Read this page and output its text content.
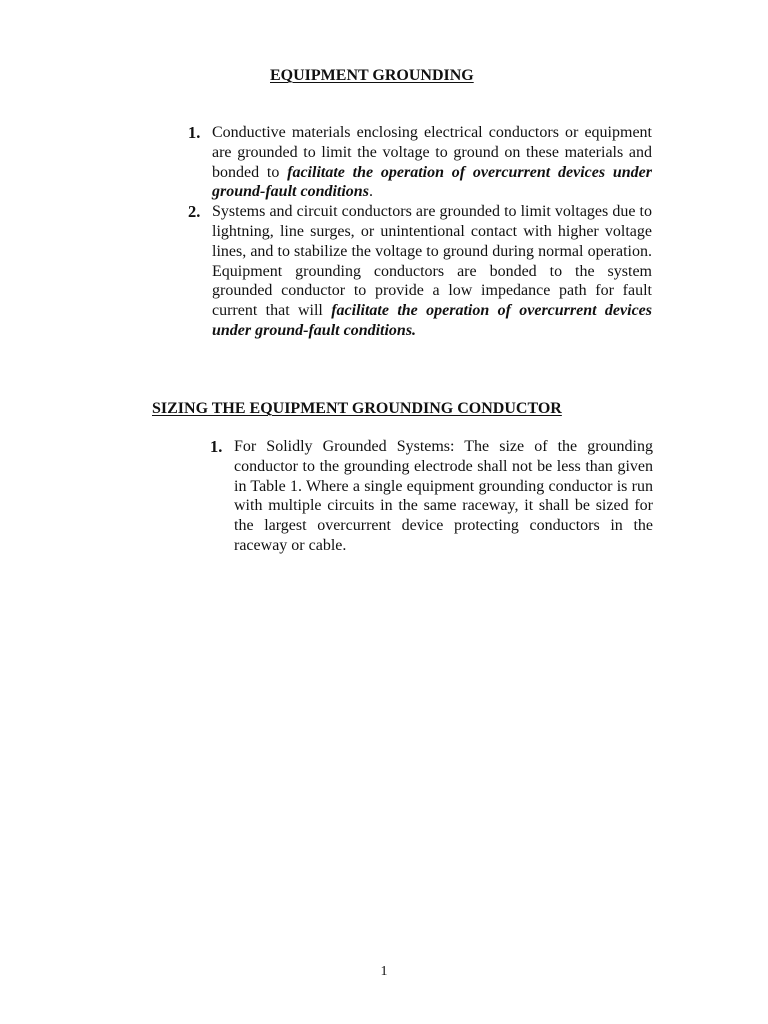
EQUIPMENT GROUNDING
1. Conductive materials enclosing electrical conductors or equipment are grounded to limit the voltage to ground on these materials and bonded to facilitate the operation of overcurrent devices under ground-fault conditions.
2. Systems and circuit conductors are grounded to limit voltages due to lightning, line surges, or unintentional contact with higher voltage lines, and to stabilize the voltage to ground during normal operation. Equipment grounding conductors are bonded to the system grounded conductor to provide a low impedance path for fault current that will facilitate the operation of overcurrent devices under ground-fault conditions.
SIZING THE EQUIPMENT GROUNDING CONDUCTOR
1. For Solidly Grounded Systems: The size of the grounding conductor to the grounding electrode shall not be less than given in Table 1. Where a single equipment grounding conductor is run with multiple circuits in the same raceway, it shall be sized for the largest overcurrent device protecting conductors in the raceway or cable.
1
